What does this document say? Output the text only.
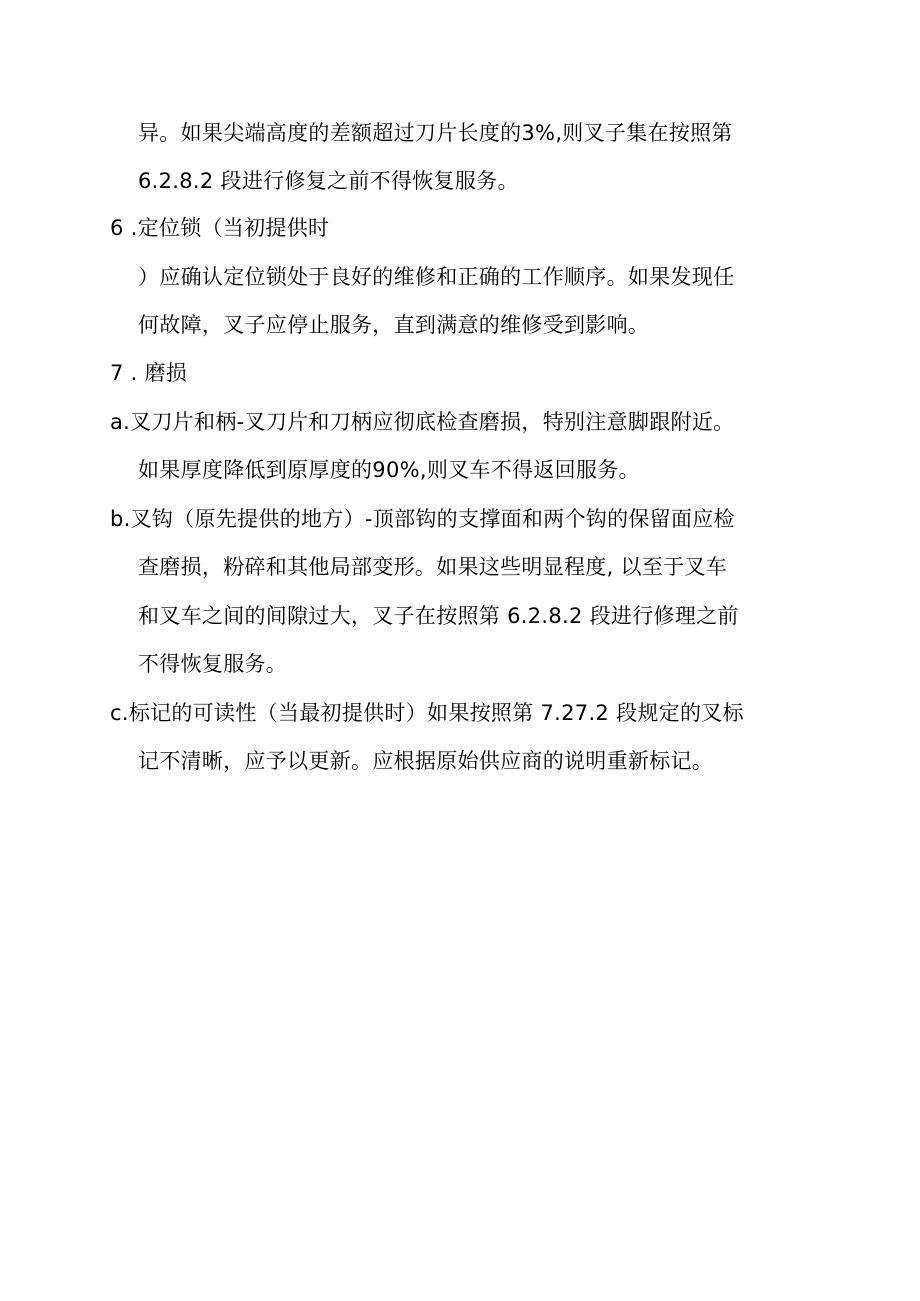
异。如果尖端高度的差额超过刀片长度的3%,则叉子集在按照第
6.2.8.2 段进行修复之前不得恢复服务。
6 .定位锁（当初提供时
）应确认定位锁处于良好的维修和正确的工作顺序。如果发现任
何故障，叉子应停止服务，直到满意的维修受到影响。
7 . 磨损
a.叉刀片和柄-叉刀片和刀柄应彻底检查磨损，特别注意脚跟附近。
如果厚度降低到原厚度的90%,则叉车不得返回服务。
b.叉钩（原先提供的地方）-顶部钩的支撑面和两个钩的保留面应检
查磨损，粉碎和其他局部变形。如果这些明显程度, 以至于叉车
和叉车之间的间隙过大，叉子在按照第 6.2.8.2 段进行修理之前
不得恢复服务。
c.标记的可读性（当最初提供时）如果按照第 7.27.2 段规定的叉标
记不清晰，应予以更新。应根据原始供应商的说明重新标记。
